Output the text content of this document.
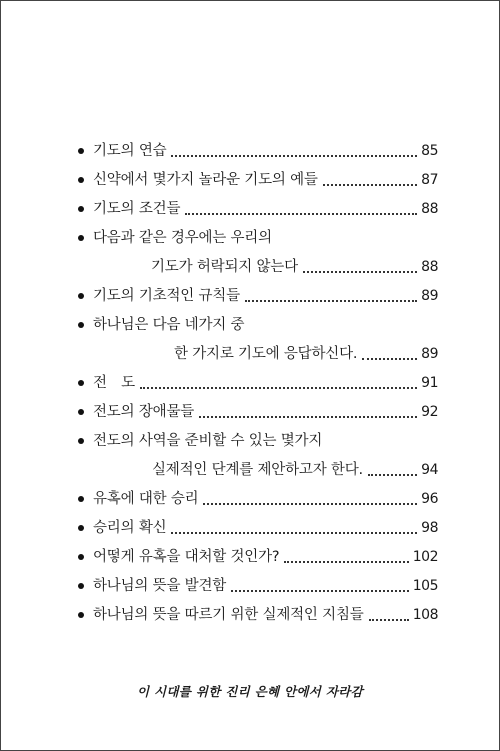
기도의 연습	85
신약에서 몇가지 놀라운 기도의 예들	87
기도의 조건들	88
다음과 같은 경우에는 우리의
기도가 허락되지 않는다	88
기도의 기초적인 규칙들	89
하나님은 다음 네가지 중
한 가지로 기도에 응답하신다.	89
전　도	91
전도의 장애물들	92
전도의 사역을 준비할 수 있는 몇가지
실제적인 단계를 제안하고자 한다.	94
유혹에 대한 승리	96
승리의 확신	98
어떻게 유혹을 대처할 것인가?	102
하나님의 뜻을 발견함	105
하나님의 뜻을 따르기 위한 실제적인 지침들	108
이 시대를 위한 진리 은혜 안에서 자라감
